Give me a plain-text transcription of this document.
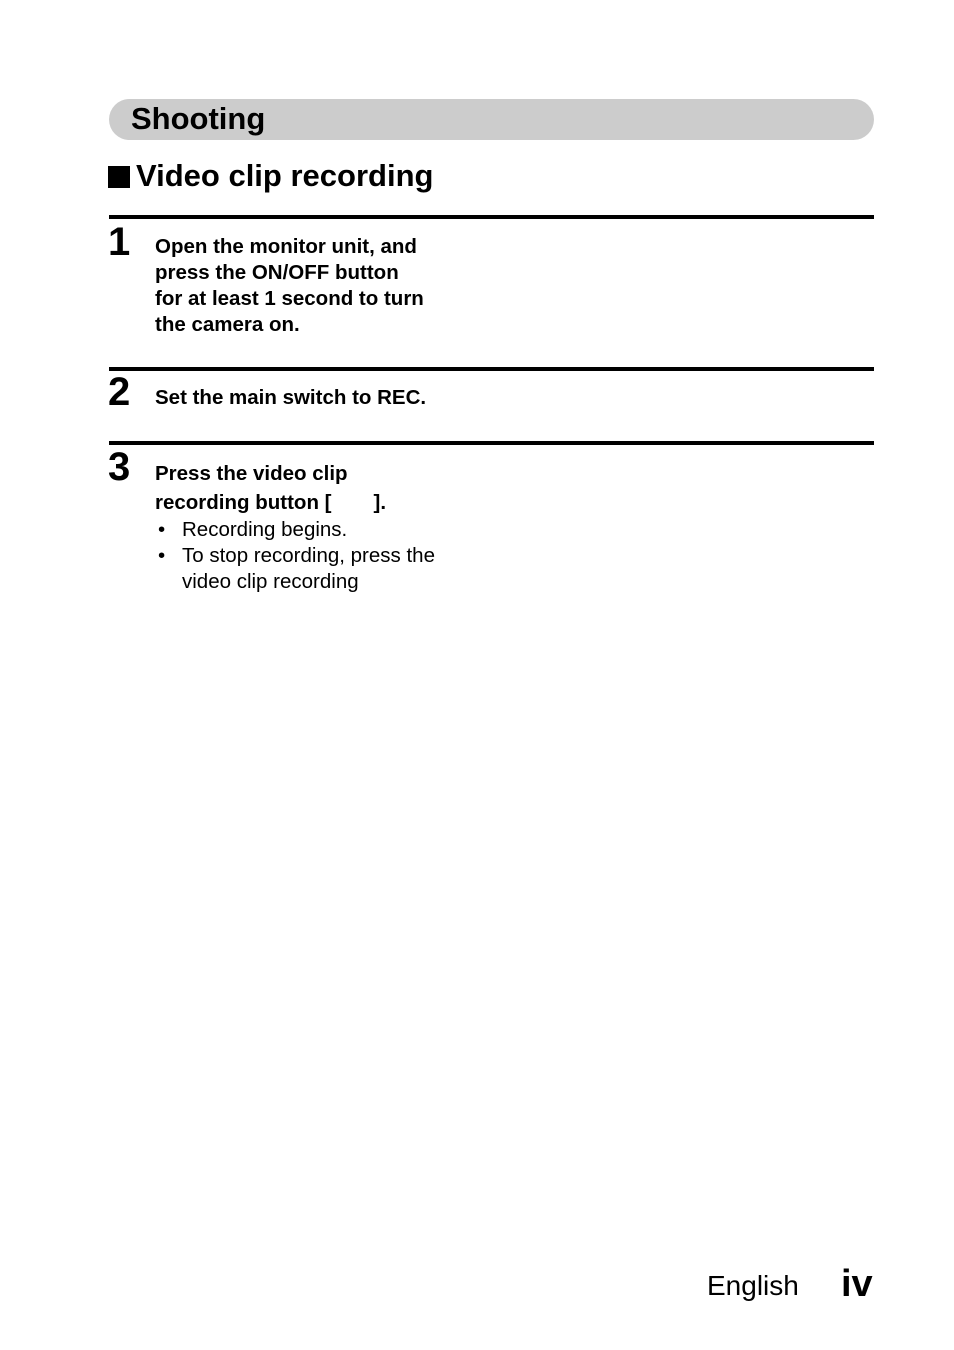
Shooting
Video clip recording
1 Open the monitor unit, and
press the ON/OFF button
for at least 1 second to turn
the camera on.
2 Set the main switch to REC.
3 Press the video clip
recording button [ ].
• Recording begins.
• To stop recording, press the video clip recording
English iv
